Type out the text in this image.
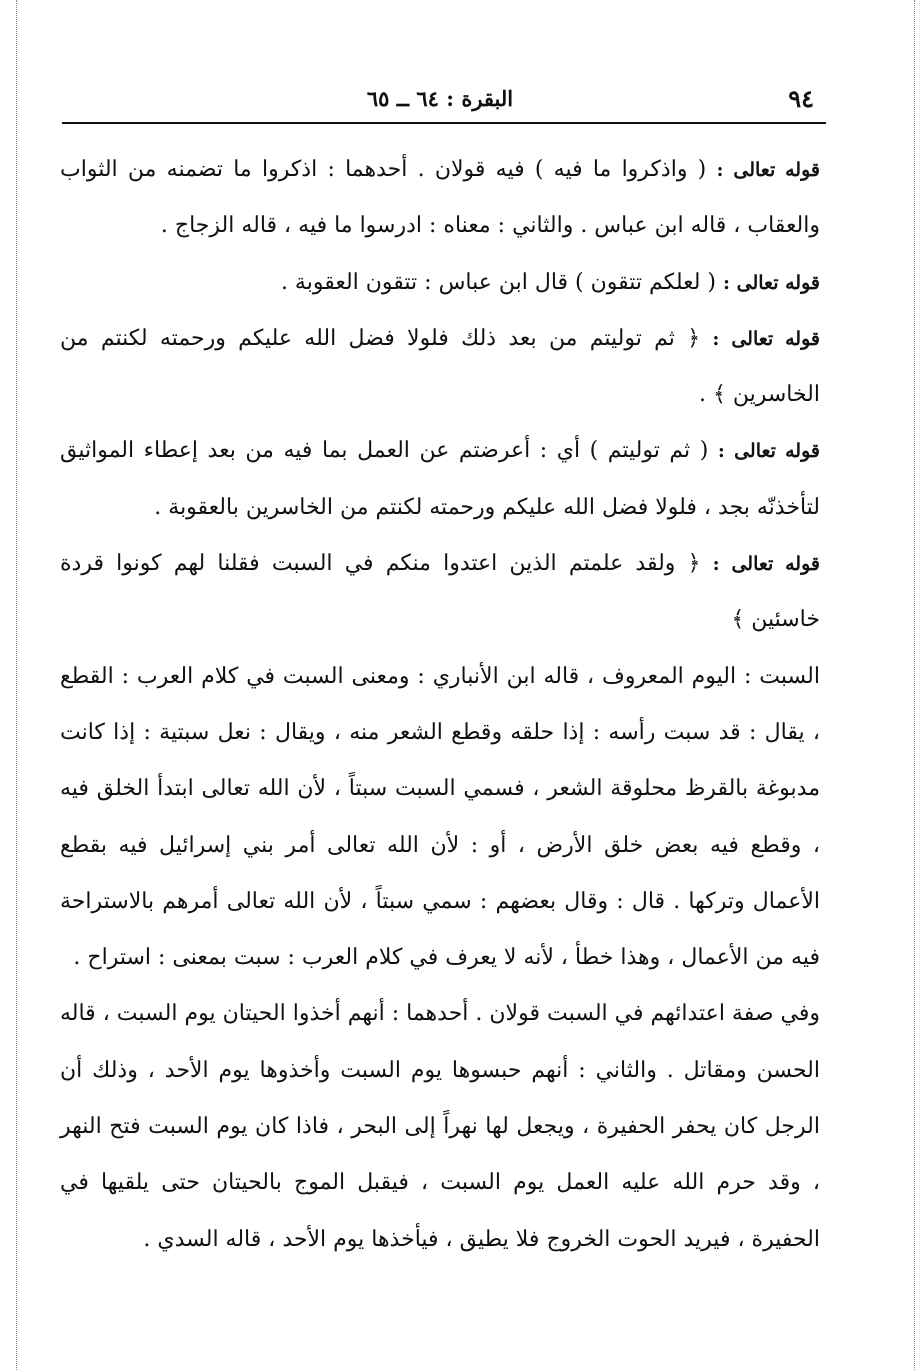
٩٤
البقرة : ٦٤ ــ ٦٥

قوله تعالى : ( واذكروا ما فيه ) فيه قولان . أحدهما : اذكروا ما تضمنه من الثواب والعقاب ، قاله ابن عباس . والثاني : معناه : ادرسوا ما فيه ، قاله الزجاج .

قوله تعالى : ( لعلكم تتقون ) قال ابن عباس : تتقون العقوبة .

قوله تعالى : ﴿ ثم توليتم من بعد ذلك فلولا فضل الله عليكم ورحمته لكنتم من الخاسرين ﴾ .

قوله تعالى : ( ثم توليتم ) أي : أعرضتم عن العمل بما فيه من بعد إعطاء المواثيق لتأخذنّه بجد ، فلولا فضل الله عليكم ورحمته لكنتم من الخاسرين بالعقوبة .

قوله تعالى : ﴿ ولقد علمتم الذين اعتدوا منكم في السبت فقلنا لهم كونوا قردة خاسئين ﴾

السبت : اليوم المعروف ، قاله ابن الأنباري : ومعنى السبت في كلام العرب : القطع ، يقال : قد سبت رأسه : إذا حلقه وقطع الشعر منه ، ويقال : نعل سبتية : إذا كانت مدبوغة بالقرظ محلوقة الشعر ، فسمي السبت سبتاً ، لأن الله تعالى ابتدأ الخلق فيه ، وقطع فيه بعض خلق الأرض ، أو : لأن الله تعالى أمر بني إسرائيل فيه بقطع الأعمال وتركها . قال : وقال بعضهم : سمي سبتاً ، لأن الله تعالى أمرهم بالاستراحة فيه من الأعمال ، وهذا خطأ ، لأنه لا يعرف في كلام العرب : سبت بمعنى : استراح .

وفي صفة اعتدائهم في السبت قولان . أحدهما : أنهم أخذوا الحيتان يوم السبت ، قاله الحسن ومقاتل . والثاني : أنهم حبسوها يوم السبت وأخذوها يوم الأحد ، وذلك أن الرجل كان يحفر الحفيرة ، ويجعل لها نهراً إلى البحر ، فاذا كان يوم السبت فتح النهر ، وقد حرم الله عليه العمل يوم السبت ، فيقبل الموج بالحيتان حتى يلقيها في الحفيرة ، فيريد الحوت الخروج فلا يطيق ، فيأخذها يوم الأحد ، قاله السدي .
